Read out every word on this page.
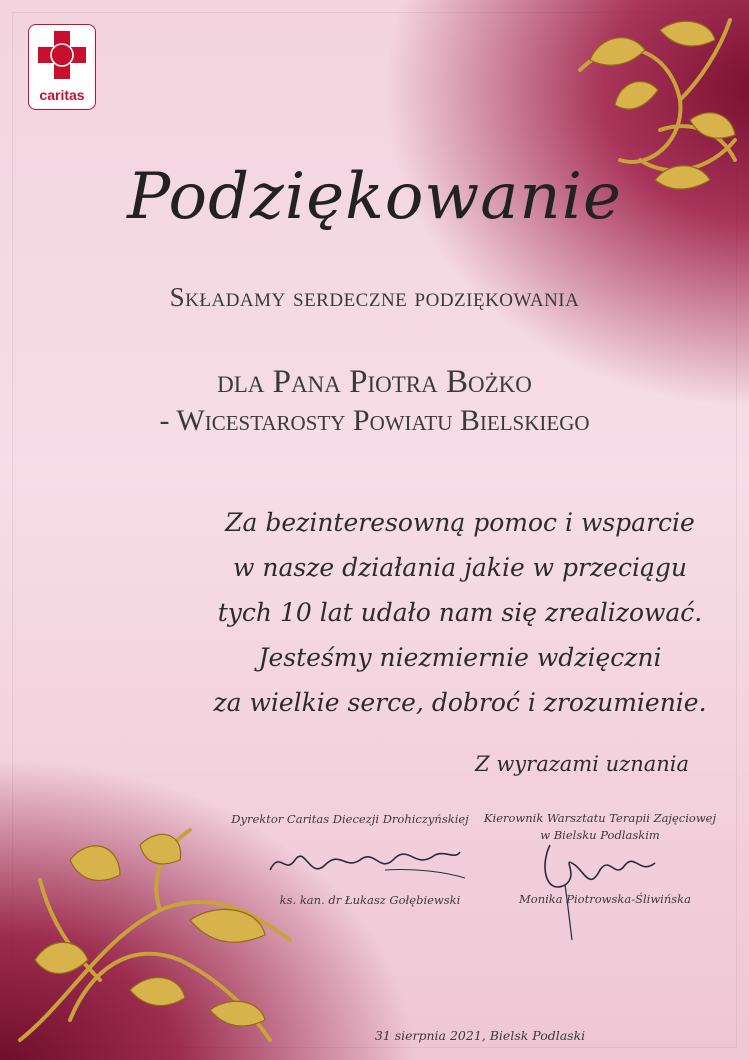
caritas
Podziękowanie
Składamy serdeczne podziękowania
dla Pana Piotra Bożko
- Wicestarosty Powiatu Bielskiego
Za bezinteresowną pomoc i wsparcie
w nasze działania jakie w przeciągu
tych 10 lat udało nam się zrealizować.
Jesteśmy niezmiernie wdzięczni
za wielkie serce, dobroć i zrozumienie.
Z wyrazami uznania
Dyrektor Caritas Diecezji Drohiczyńskiej
ks. kan. dr Łukasz Gołębiewski
Kierownik Warsztatu Terapii Zajęciowej
w Bielsku Podlaskim
Monika Piotrowska-Śliwińska
31 sierpnia 2021, Bielsk Podlaski
